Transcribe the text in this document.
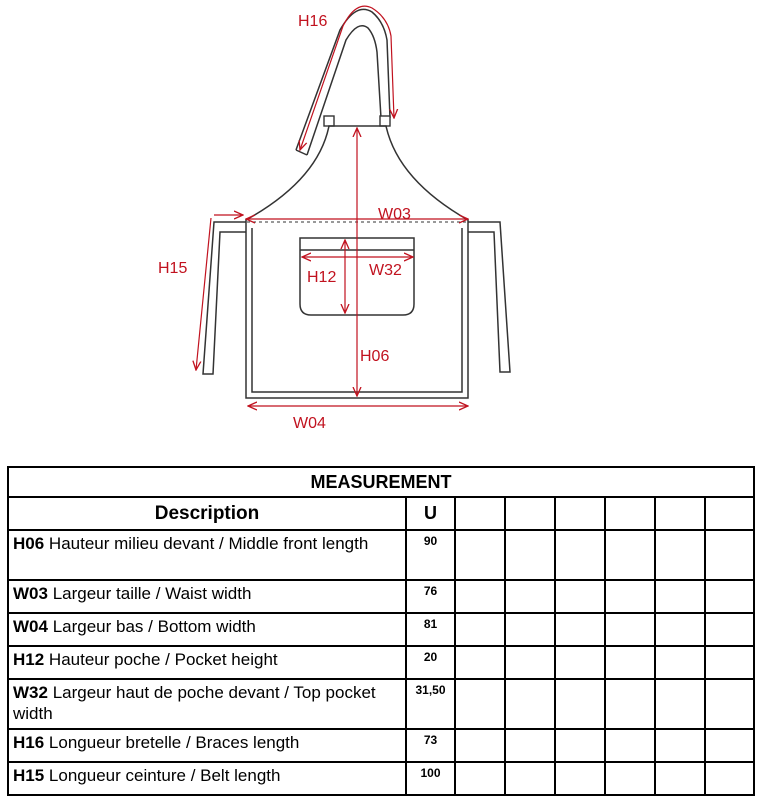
H16
W03
H15
H12 W32
H06
W04
MEASUREMENT							
Description	U						
H06 Hauteur milieu devant / Middle front length	90						
W03 Largeur taille / Waist width	76						
W04 Largeur bas / Bottom width	81						
H12 Hauteur poche / Pocket height	20						
W32 Largeur haut de poche devant / Top pocket width	31,50						
H16 Longueur bretelle / Braces length	73						
H15 Longueur ceinture / Belt length	100						
